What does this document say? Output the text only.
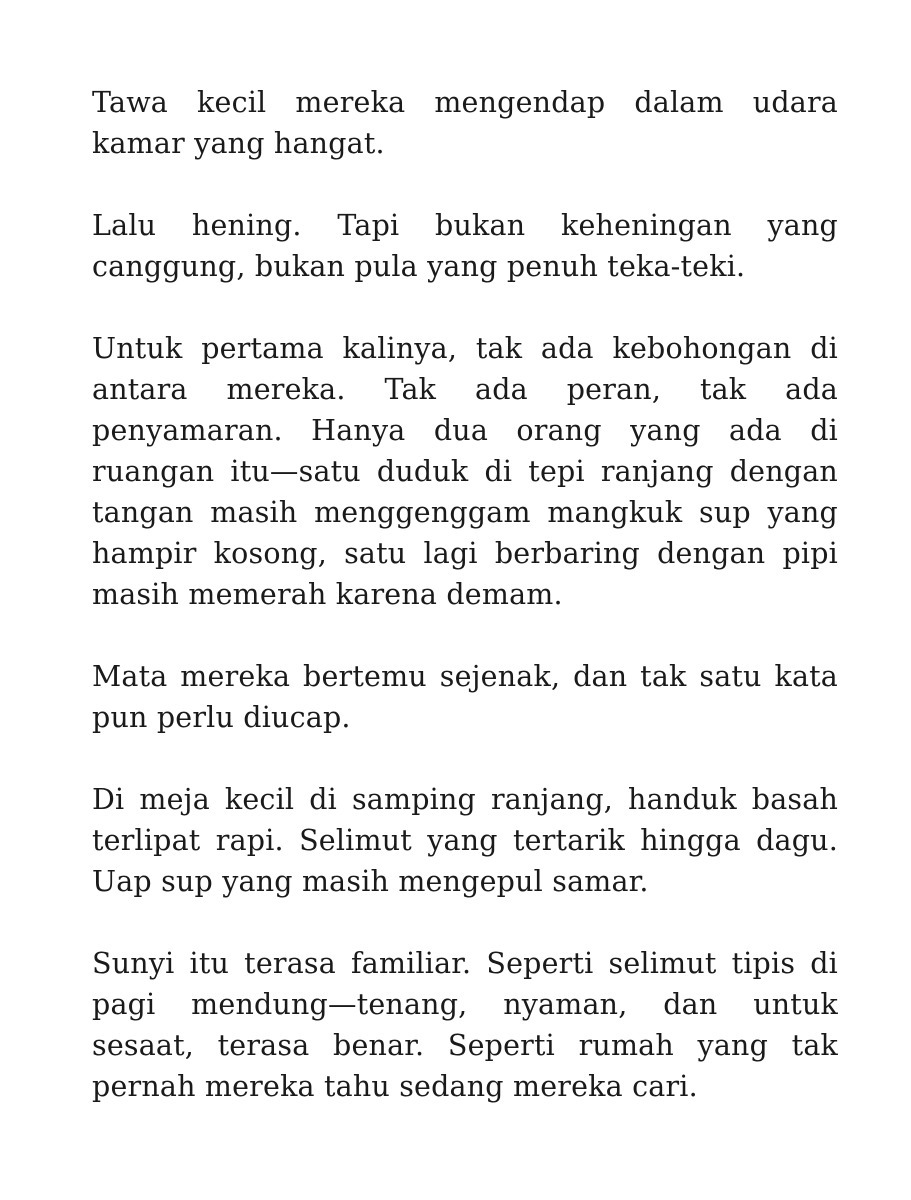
Tawa kecil mereka mengendap dalam udara kamar yang hangat.

Lalu hening. Tapi bukan keheningan yang canggung, bukan pula yang penuh teka-teki.

Untuk pertama kalinya, tak ada kebohongan di antara mereka. Tak ada peran, tak ada penyamaran. Hanya dua orang yang ada di ruangan itu—satu duduk di tepi ranjang dengan tangan masih menggenggam mangkuk sup yang hampir kosong, satu lagi berbaring dengan pipi masih memerah karena demam.

Mata mereka bertemu sejenak, dan tak satu kata pun perlu diucap.

Di meja kecil di samping ranjang, handuk basah terlipat rapi. Selimut yang tertarik hingga dagu. Uap sup yang masih mengepul samar.

Sunyi itu terasa familiar. Seperti selimut tipis di pagi mendung—tenang, nyaman, dan untuk sesaat, terasa benar. Seperti rumah yang tak pernah mereka tahu sedang mereka cari.
